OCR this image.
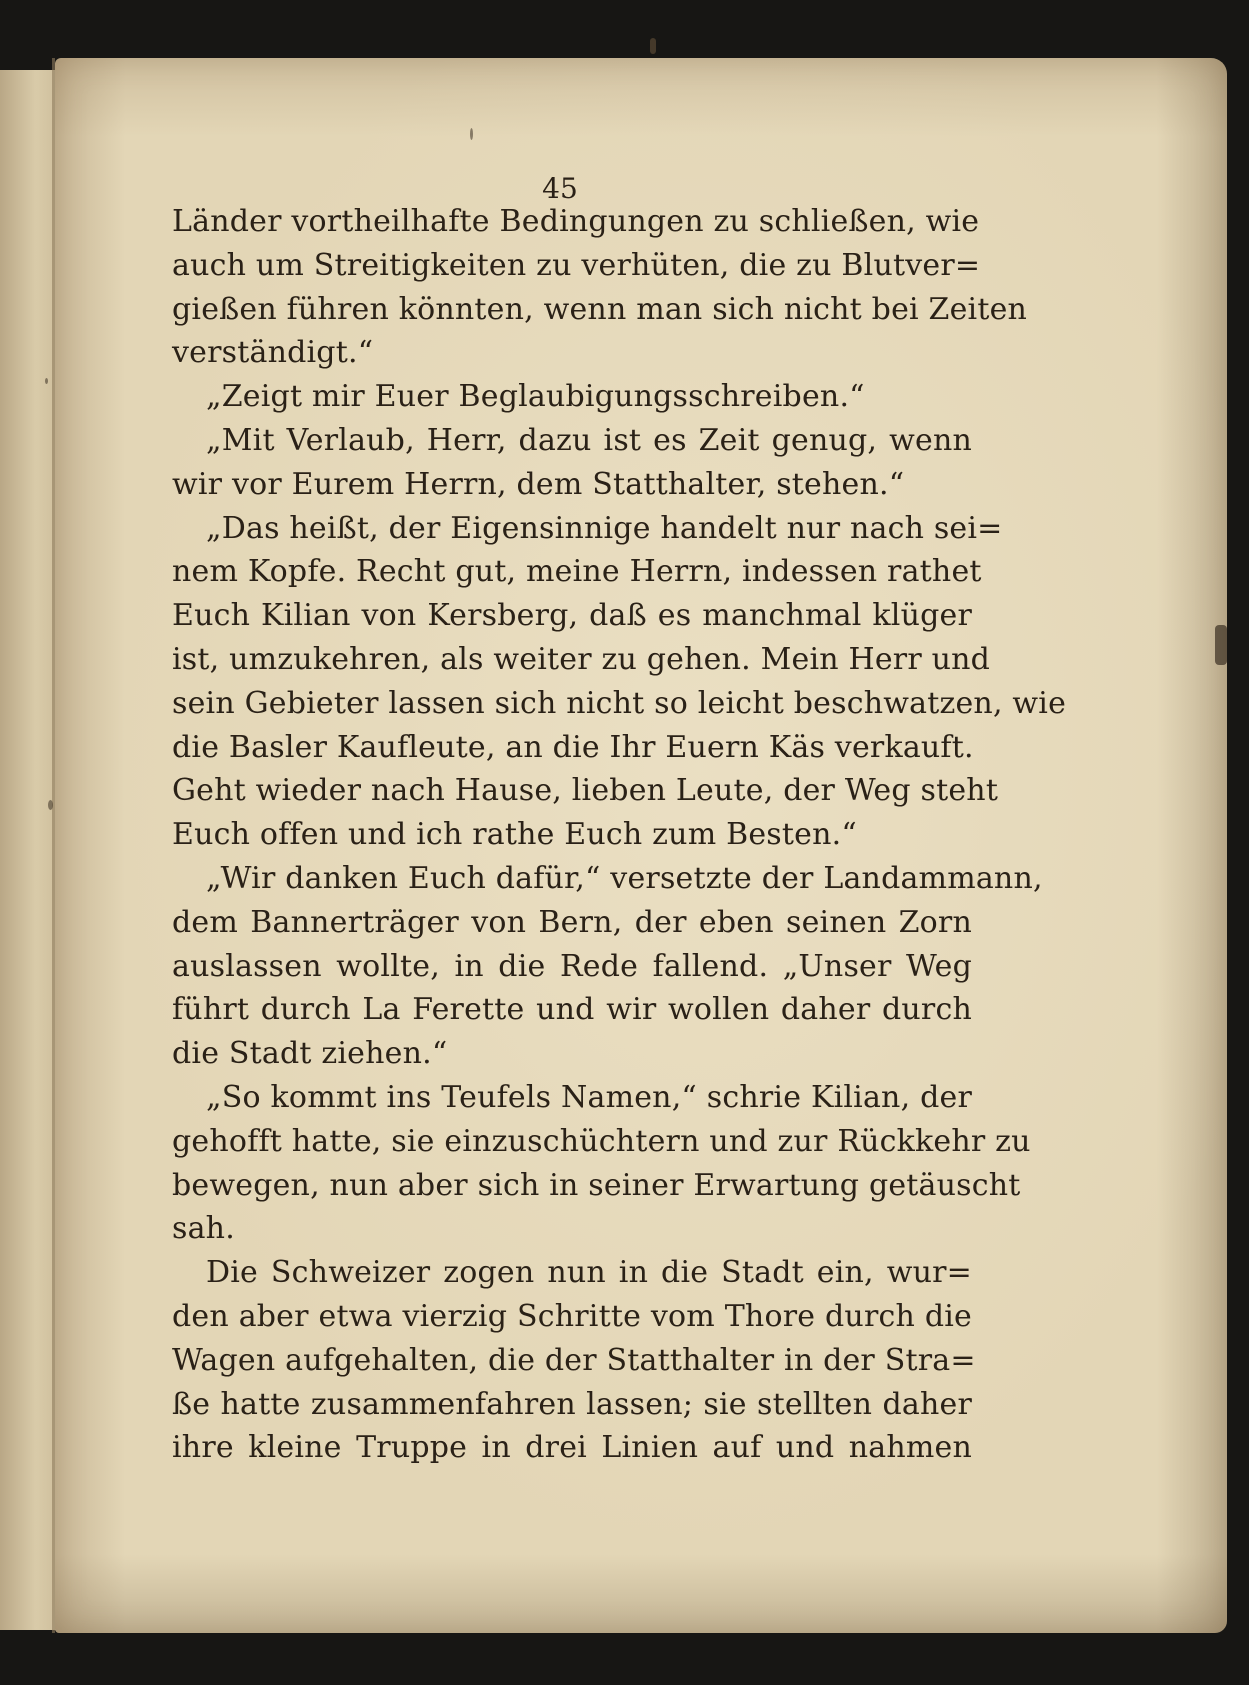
45
Länder vortheilhafte Bedingungen zu schließen, wie
auch um Streitigkeiten zu verhüten, die zu Blutver=
gießen führen könnten, wenn man sich nicht bei Zeiten
verständigt.“
„Zeigt mir Euer Beglaubigungsschreiben.“
„Mit Verlaub, Herr, dazu ist es Zeit genug, wenn
wir vor Eurem Herrn, dem Statthalter, stehen.“
„Das heißt, der Eigensinnige handelt nur nach sei=
nem Kopfe. Recht gut, meine Herrn, indessen rathet
Euch Kilian von Kersberg, daß es manchmal klüger
ist, umzukehren, als weiter zu gehen. Mein Herr und
sein Gebieter lassen sich nicht so leicht beschwatzen, wie
die Basler Kaufleute, an die Ihr Euern Käs verkauft.
Geht wieder nach Hause, lieben Leute, der Weg steht
Euch offen und ich rathe Euch zum Besten.“
„Wir danken Euch dafür,“ versetzte der Landammann,
dem Bannerträger von Bern, der eben seinen Zorn
auslassen wollte, in die Rede fallend. „Unser Weg
führt durch La Ferette und wir wollen daher durch
die Stadt ziehen.“
„So kommt ins Teufels Namen,“ schrie Kilian, der
gehofft hatte, sie einzuschüchtern und zur Rückkehr zu
bewegen, nun aber sich in seiner Erwartung getäuscht
sah.
Die Schweizer zogen nun in die Stadt ein, wur=
den aber etwa vierzig Schritte vom Thore durch die
Wagen aufgehalten, die der Statthalter in der Stra=
ße hatte zusammenfahren lassen; sie stellten daher
ihre kleine Truppe in drei Linien auf und nahmen
